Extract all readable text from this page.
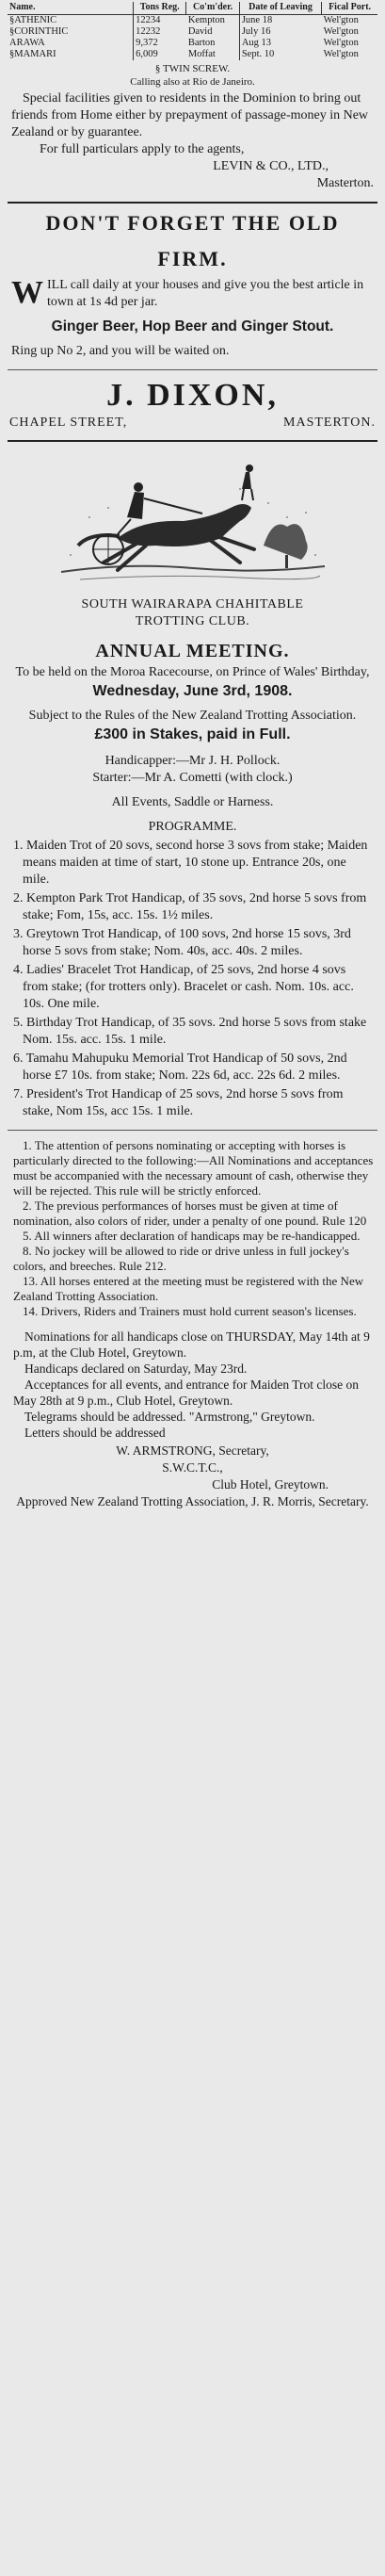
Name.	Tons Reg.	Co'm'der.	Date of Leaving	Fical Port.
§ATHENIC	12234	Kempton	June 18	Wel'gton
§CORINTHIC	12232	David	July 16	Wel'gton
ARAWA	9,372	Barton	Aug 13	Wel'gton
§MAMARI	6,009	Moffat	Sept. 10	Wel'gton
§ TWIN SCREW.
Calling also at Rio de Janeiro.
Special facilities given to residents in the Dominion to bring out friends from Home either by prepayment of passage-money in New Zealand or by guarantee.
For full particulars apply to the agents,
LEVIN & CO., LTD.,
Masterton.
DON'T FORGET THE OLD
FIRM.
W ILL call daily at your houses and give you the best article in town at 1s 4d per jar.
Ginger Beer, Hop Beer and Ginger Stout.
Ring up No 2, and you will be waited on.
J. DIXON,
CHAPEL STREET,	MASTERTON.
SOUTH WAIRARAPA CHAHITABLE
TROTTING CLUB.
ANNUAL MEETING.
To be held on the Moroa Racecourse, on Prince of Wales' Birthday,
Wednesday, June 3rd, 1908.
Subject to the Rules of the New Zealand Trotting Association.
£300 in Stakes, paid in Full.
Handicapper:—Mr J. H. Pollock.
Starter:—Mr A. Cometti (with clock.)
All Events, Saddle or Harness.
PROGRAMME.
1. Maiden Trot of 20 sovs, second horse 3 sovs from stake; Maiden means maiden at time of start, 10 stone up. Entrance 20s, one mile.
2. Kempton Park Trot Handicap, of 35 sovs, 2nd horse 5 sovs from stake; Fom, 15s, acc. 15s. 1½ miles.
3. Greytown Trot Handicap, of 100 sovs, 2nd horse 15 sovs, 3rd horse 5 sovs from stake; Nom. 40s, acc. 40s. 2 miles.
4. Ladies' Bracelet Trot Handicap, of 25 sovs, 2nd horse 4 sovs from stake; (for trotters only). Bracelet or cash. Nom. 10s. acc. 10s. One mile.
5. Birthday Trot Handicap, of 35 sovs. 2nd horse 5 sovs from stake Nom. 15s. acc. 15s. 1 mile.
6. Tamahu Mahupuku Memorial Trot Handicap of 50 sovs, 2nd horse £7 10s. from stake; Nom. 22s 6d, acc. 22s 6d. 2 miles.
7. President's Trot Handicap of 25 sovs, 2nd horse 5 sovs from stake, Nom 15s, acc 15s. 1 mile.

1. The attention of persons nominating or accepting with horses is particularly directed to the following:—All Nominations and acceptances must be accompanied with the necessary amount of cash, otherwise they will be rejected. This rule will be strictly enforced.

2. The previous performances of horses must be given at time of nomination, also colors of rider, under a penalty of one pound. Rule 120

5. All winners after declaration of handicaps may be re-handicapped.

8. No jockey will be allowed to ride or drive unless in full jockey's colors, and breeches. Rule 212.

13. All horses entered at the meeting must be registered with the New Zealand Trotting Association.

14. Drivers, Riders and Trainers must hold current season's licenses.

Nominations for all handicaps close on THURSDAY, May 14th at 9 p.m, at the Club Hotel, Greytown.

Handicaps declared on Saturday, May 23rd.

Acceptances for all events, and entrance for Maiden Trot close on May 28th at 9 p.m., Club Hotel, Greytown.

Telegrams should be addressed. "Armstrong," Greytown.

Letters should be addressed

W. ARMSTRONG, Secretary,
S.W.C.T.C.,
Club Hotel, Greytown.
Approved New Zealand Trotting Association, J. R. Morris, Secretary.
